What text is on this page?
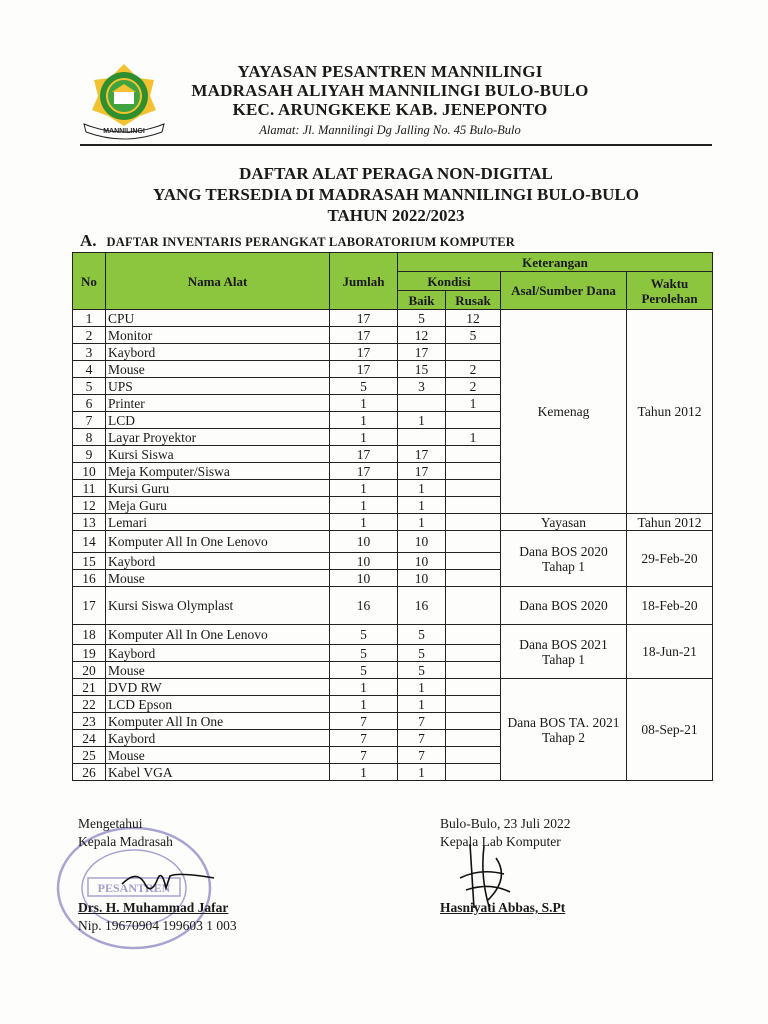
MANNILINGI
YAYASAN PESANTREN MANNILINGI
MADRASAH ALIYAH MANNILINGI BULO-BULO
KEC. ARUNGKEKE KAB. JENEPONTO
Alamat: Jl. Mannilingi Dg Jalling No. 45 Bulo-Bulo
DAFTAR ALAT PERAGA NON-DIGITAL
YANG TERSEDIA DI MADRASAH MANNILINGI BULO-BULO
TAHUN 2022/2023
A. DAFTAR INVENTARIS PERANGKAT LABORATORIUM KOMPUTER
No	Nama Alat	Jumlah	Keterangan			
			Kondisi		Asal/Sumber Dana	Waktu Perolehan
			Baik	Rusak		
1	CPU	17	5	12	Kemenag	Tahun 2012
2	Monitor	17	12	5		
3	Kaybord	17	17			
4	Mouse	17	15	2		
5	UPS	5	3	2		
6	Printer	1		1		
7	LCD	1	1			
8	Layar Proyektor	1		1		
9	Kursi Siswa	17	17			
10	Meja Komputer/Siswa	17	17			
11	Kursi Guru	1	1			
12	Meja Guru	1	1			
13	Lemari	1	1		Yayasan	Tahun 2012
14	Komputer All In One Lenovo	10	10		Dana BOS 2020 Tahap 1	29-Feb-20
15	Kaybord	10	10			
16	Mouse	10	10			
17	Kursi Siswa Olymplast	16	16		Dana BOS 2020	18-Feb-20
18	Komputer All In One Lenovo	5	5		Dana BOS 2021 Tahap 1	18-Jun-21
19	Kaybord	5	5			
20	Mouse	5	5			
21	DVD RW	1	1		Dana BOS TA. 2021 Tahap 2	08-Sep-21
22	LCD Epson	1	1			
23	Komputer All In One	7	7			
24	Kaybord	7	7			
25	Mouse	7	7			
26	Kabel VGA	1	1			
PESANTREN
Mengetahui
Kepala Madrasah
Drs. H. Muhammad Jafar
Nip. 19670904 199603 1 003
Bulo-Bulo, 23 Juli 2022
Kepala Lab Komputer
Hasniyati Abbas, S.Pt
